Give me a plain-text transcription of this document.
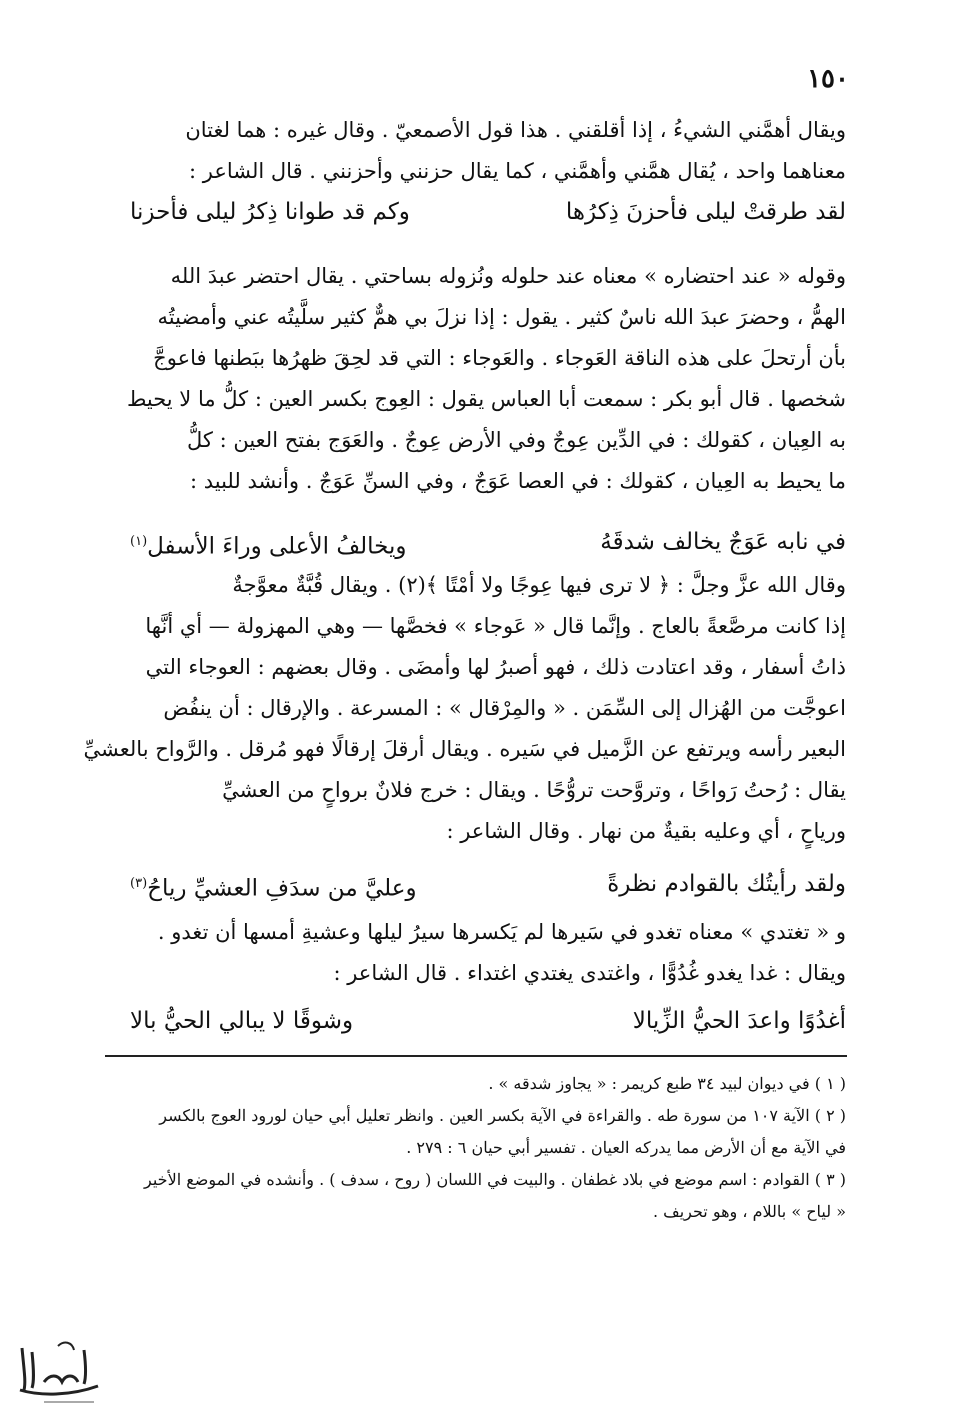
١٥٠
ويقال أهمَّني الشيءُ ، إذا أقلقني . هذا قول الأصمعيّ . وقال غيره : هما لغتان
معناهما واحد ، يُقال همَّني وأهمَّني ، كما يقال حزنني وأحزنني . قال الشاعر :
لقد طرقتْ ليلى فأحزنَ ذِكرُها
وكم قد طوانا ذِكرُ ليلى فأحزنا
وقوله « عند احتضاره » معناه عند حلوله ونُزوله بساحتي . يقال احتضر عبدَ الله
الهمُّ ، وحضرَ عبدَ الله ناسٌ كثير . يقول : إذا نزلَ بي همٌّ كثير سلَّيتُه عني وأمضيتُه
بأن أرتحلَ على هذه الناقة العَوجاء . والعَوجاء : التي قد لحِقَ ظهرُها ببَطنها فاعوجَّ
شخصها . قال أبو بكر : سمعت أبا العباس يقول : العِوج بكسر العين : كلُّ ما لا يحيط
به العِيان ، كقولك : في الدِّين عِوجٌ وفي الأرض عِوجٌ . والعَوَج بفتح العين : كلُّ
ما يحيط به العِيان ، كقولك : في العصا عَوَجٌ ، وفي السنِّ عَوَجٌ . وأنشد للبيد :
في نابه عَوَجٌ يخالف شدقَهُ
ويخالفُ الأعلى وراءَ الأسفل$^{(١)}$
وقال الله عزَّ وجلَّ : ﴿ لا ترى فيها عِوجًا ولا أمْتًا ﴾(٢) . ويقال قُبَّةٌ معوَّجةٌ
إذا كانت مرصَّعةً بالعاج . وإنَّما قال « عَوجاء » فخصَّها — وهي المهزولة — أي أنَّها
ذاتُ أسفار ، وقد اعتادت ذلك ، فهو أصبرُ لها وأمضَى . وقال بعضهم : العوجاء التي
اعوجَّت من الهُزال إلى السِّمَن . « والمِرْقال » : المسرعة . والإرقال : أن ينفُض
البعير رأسه ويرتفع عن الزَّميل في سَيره . ويقال أرقلَ إرقالًا فهو مُرقل . والرَّواح بالعشيِّ
يقال : رُحتُ رَواحًا ، وتروَّحت تروُّحًا . ويقال : خرج فلانٌ برواحٍ من العشيِّ
ورياحٍ ، أي وعليه بقيةٌ من نهار . وقال الشاعر :
ولقد رأيتُك بالقوادم نظرةً
وعليَّ من سدَفِ العشيِّ رياحُ$^{(٣)}$
و « تغتدي » معناه تغدو في سَيرها لم يَكسرها سيرُ ليلها وعشيةِ أمسها أن تغدو .
ويقال : غدا يغدو غُدُوًّا ، واغتدى يغتدي اغتداء . قال الشاعر :
أغدُوًا واعدَ الحيُّ الزِّيالا
وشوقًا لا يبالي الحيُّ بالا
( ١ ) في ديوان لبيد ٣٤ طبع كريمر : « يجاوز شدقه » .
( ٢ ) الآية ١٠٧ من سورة طه . والقراءة في الآية بكسر العين . وانظر تعليل أبي حيان لورود العوج بالكسر
في الآية مع أن الأرض مما يدركه العيان . تفسير أبي حيان ٦ : ٢٧٩ .
( ٣ ) القوادم : اسم موضع في بلاد غطفان . والبيت في اللسان ( روح ، سدف ) . وأنشده في الموضع الأخير
« لياح » باللام ، وهو تحريف .
